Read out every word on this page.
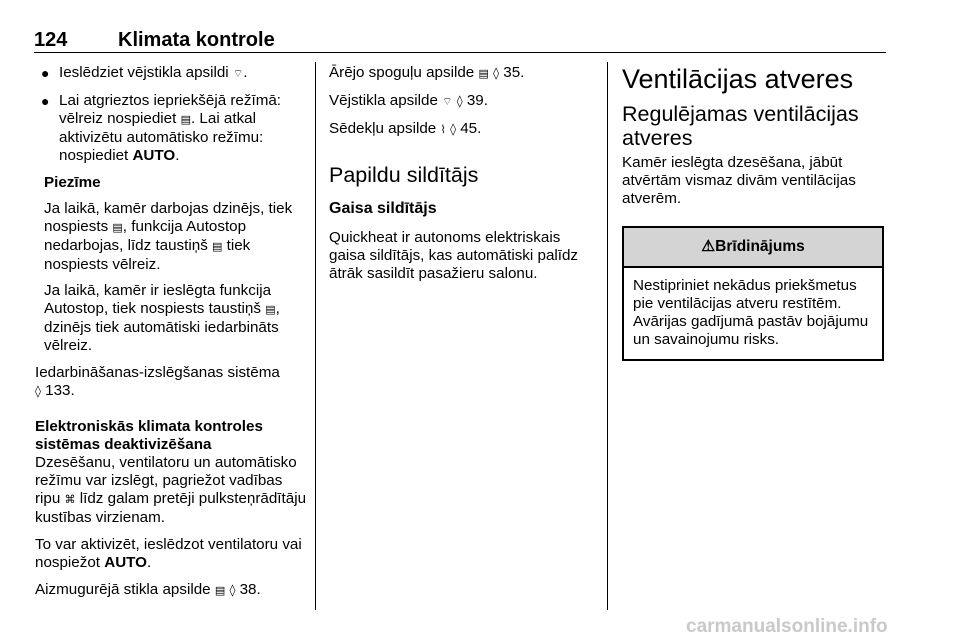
124	Klimata kontrole
● Ieslēdziet vējstikla apsildi ⌔.
● Lai atgrieztos iepriekšējā režīmā: vēlreiz nospiediet ▤. Lai atkal aktivizētu automātisko režīmu: nospiediet AUTO.

Piezīme

Ja laikā, kamēr darbojas dzinējs, tiek nospiests ▤, funkcija Autostop nedarbojas, līdz taustiņš ▤ tiek nospiests vēlreiz.

Ja laikā, kamēr ir ieslēgta funkcija Autostop, tiek nospiests taustiņš ▤, dzinējs tiek automātiski iedarbināts vēlreiz.

Iedarbināšanas-izslēgšanas sistēma
◊ 133.

Elektroniskās klimata kontroles sistēmas deaktivizēšana

Dzesēšanu, ventilatoru un automātisko režīmu var izslēgt, pagriežot vadības ripu ⌘ līdz galam pretēji pulksteņrādītāju kustības virzienam.

To var aktivizēt, ieslēdzot ventilatoru vai nospiežot AUTO.

Aizmugurējā stikla apsilde ▤ ◊ 38.

Ārējo spoguļu apsilde ▤ ◊ 35.

Vējstikla apsilde ⌔ ◊ 39.

Sēdekļu apsilde ⌇ ◊ 45.

Papildu sildītājs
Gaisa sildītājs

Quickheat ir autonoms elektriskais gaisa sildītājs, kas automātiski palīdz ātrāk sasildīt pasažieru salonu.

Ventilācijas atveres
Regulējamas ventilācijas atveres

Kamēr ieslēgta dzesēšana, jābūt atvērtām vismaz divām ventilācijas atverēm.

⚠Brīdinājums
Nestipriniet nekādus priekšmetus pie ventilācijas atveru restītēm. Avārijas gadījumā pastāv bojājumu un savainojumu risks.
carmanualsonline.info
